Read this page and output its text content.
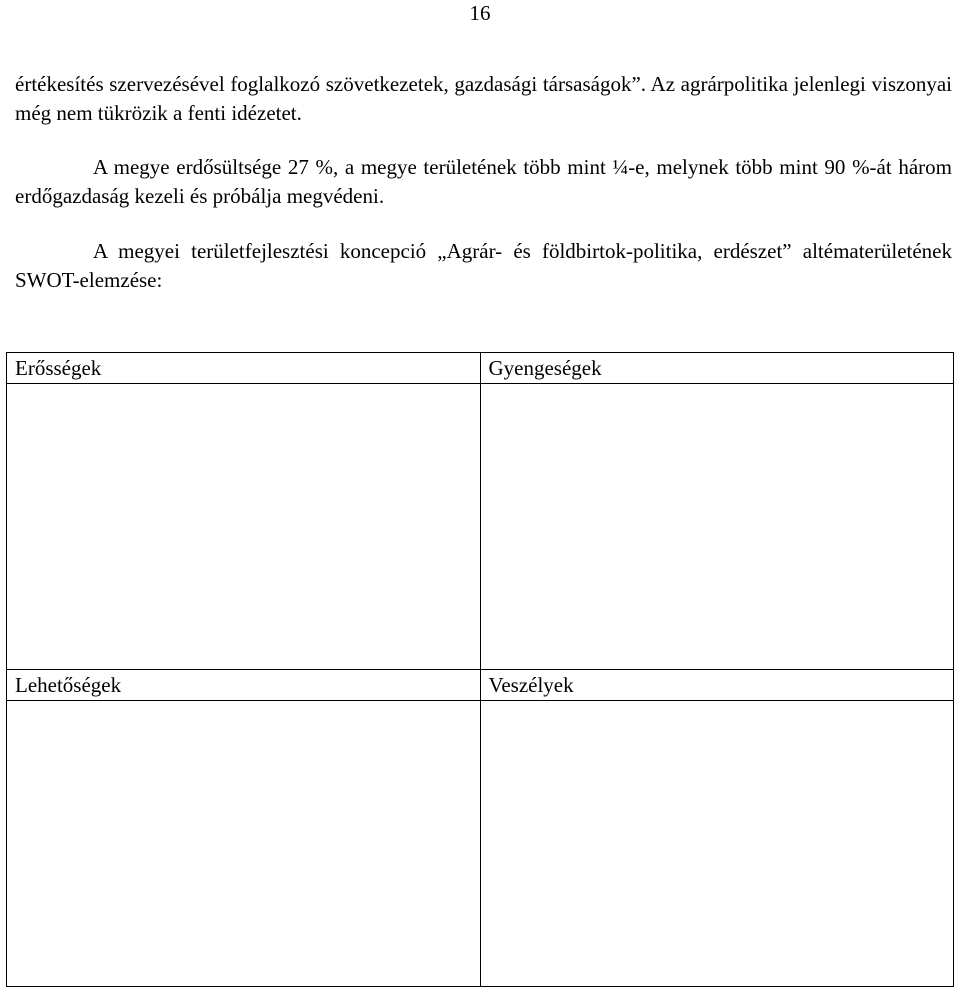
16

értékesítés szervezésével foglalkozó szövetkezetek, gazdasági társaságok”. Az agrárpolitika jelenlegi viszonyai még nem tükrözik a fenti idézetet.

A megye erdősültsége 27 %, a megye területének több mint ¼-e, melynek több mint 90 %-át három erdőgazdaság kezeli és próbálja megvédeni.

A megyei területfejlesztési koncepció „Agrár- és földbirtok-politika, erdészet” altématerületének SWOT-elemzése:

Erősségek	Gyengeségek

Lehetőségek	Veszélyek
